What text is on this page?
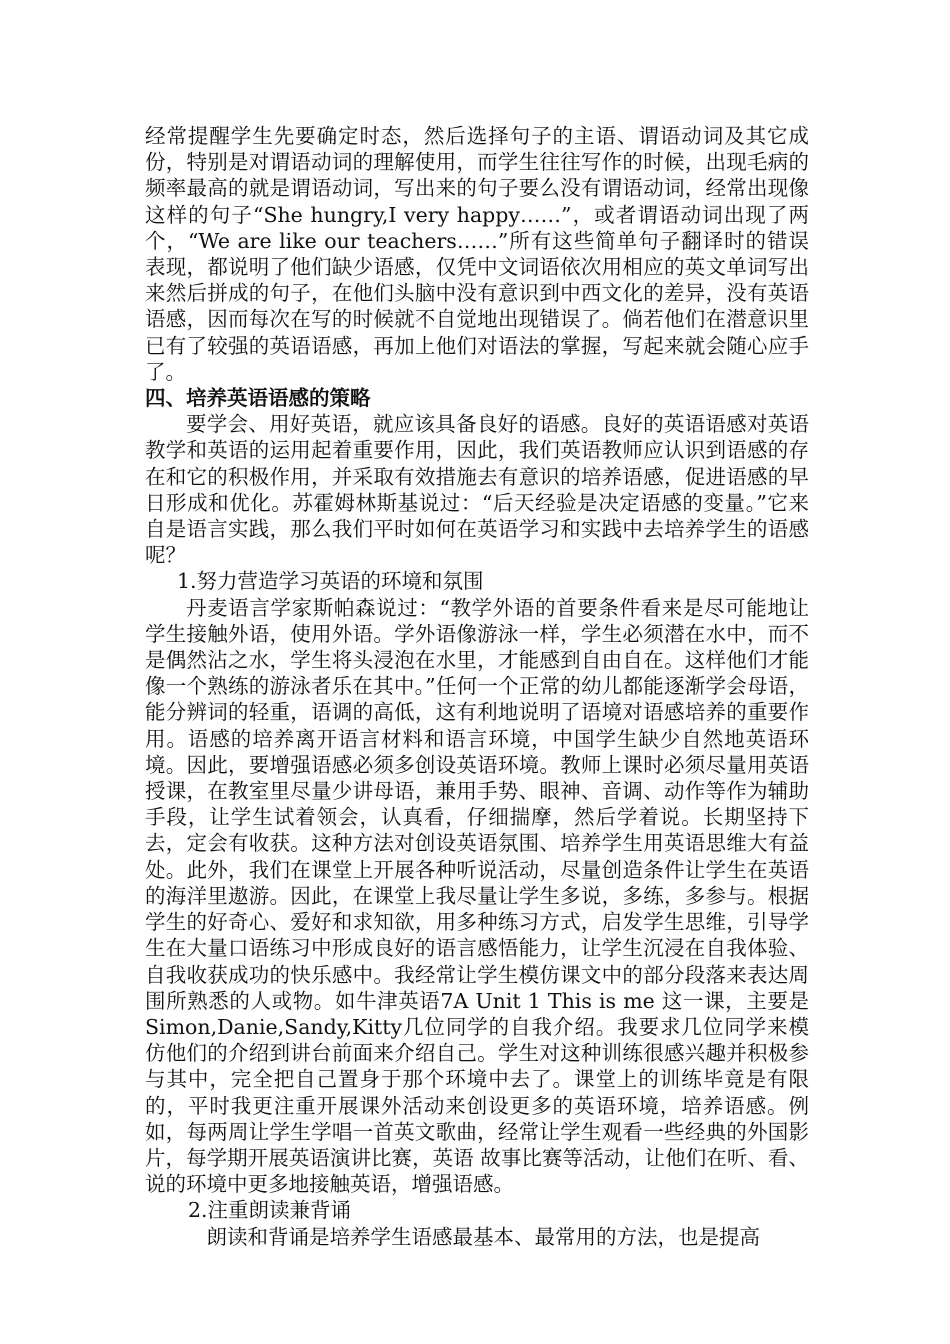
经常提醒学生先要确定时态，然后选择句子的主语、谓语动词及其它成份，特别是对谓语动词的理解使用，而学生往往写作的时候，出现毛病的频率最高的就是谓语动词，写出来的句子要么没有谓语动词，经常出现像这样的句子“She hungry,I very happy……”，或者谓语动词出现了两个，“We are like our teachers……”所有这些简单句子翻译时的错误表现，都说明了他们缺少语感，仅凭中文词语依次用相应的英文单词写出来然后拼成的句子，在他们头脑中没有意识到中西文化的差异，没有英语语感，因而每次在写的时候就不自觉地出现错误了。倘若他们在潜意识里已有了较强的英语语感，再加上他们对语法的掌握，写起来就会随心应手了。

四、培养英语语感的策略

要学会、用好英语，就应该具备良好的语感。良好的英语语感对英语教学和英语的运用起着重要作用，因此，我们英语教师应认识到语感的存在和它的积极作用，并采取有效措施去有意识的培养语感，促进语感的早日形成和优化。苏霍姆林斯基说过：“后天经验是决定语感的变量。”它来自是语言实践，那么我们平时如何在英语学习和实践中去培养学生的语感呢？

1.努力营造学习英语的环境和氛围

丹麦语言学家斯帕森说过：“教学外语的首要条件看来是尽可能地让学生接触外语，使用外语。学外语像游泳一样，学生必须潜在水中，而不是偶然沾之水，学生将头浸泡在水里，才能感到自由自在。这样他们才能像一个熟练的游泳者乐在其中。”任何一个正常的幼儿都能逐渐学会母语，能分辨词的轻重，语调的高低，这有利地说明了语境对语感培养的重要作用。语感的培养离开语言材料和语言环境，中国学生缺少自然地英语环境。因此，要增强语感必须多创设英语环境。教师上课时必须尽量用英语授课，在教室里尽量少讲母语，兼用手势、眼神、音调、动作等作为辅助手段，让学生试着领会，认真看，仔细揣摩，然后学着说。长期坚持下去，定会有收获。这种方法对创设英语氛围、培养学生用英语思维大有益处。此外，我们在课堂上开展各种听说活动，尽量创造条件让学生在英语的海洋里遨游。因此，在课堂上我尽量让学生多说，多练，多参与。根据学生的好奇心、爱好和求知欲，用多种练习方式，启发学生思维，引导学生在大量口语练习中形成良好的语言感悟能力，让学生沉浸在自我体验、自我收获成功的快乐感中。我经常让学生模仿课文中的部分段落来表达周围所熟悉的人或物。如牛津英语7A Unit 1 This is me 这一课，主要是Simon,Danie,Sandy,Kitty几位同学的自我介绍。我要求几位同学来模仿他们的介绍到讲台前面来介绍自己。学生对这种训练很感兴趣并积极参与其中，完全把自己置身于那个环境中去了。课堂上的训练毕竟是有限的，平时我更注重开展课外活动来创设更多的英语环境，培养语感。例如，每两周让学生学唱一首英文歌曲，经常让学生观看一些经典的外国影片，每学期开展英语演讲比赛，英语 故事比赛等活动，让他们在听、看、说的环境中更多地接触英语，增强语感。

2.注重朗读兼背诵

朗读和背诵是培养学生语感最基本、最常用的方法，也是提高
